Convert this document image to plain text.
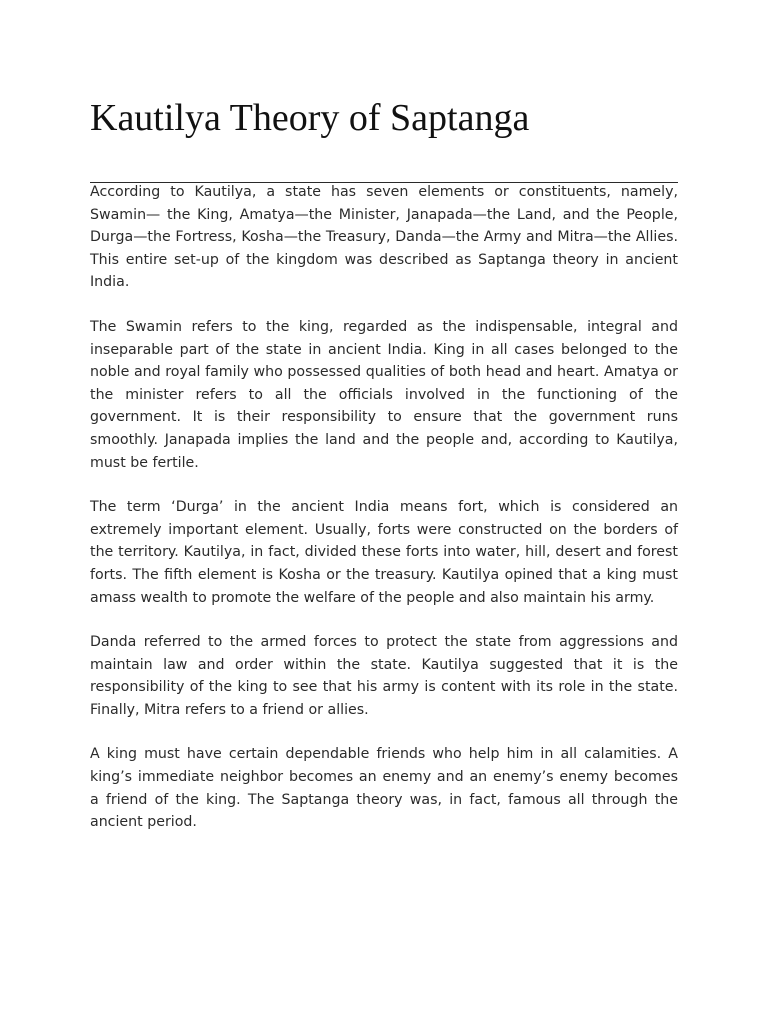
Kautilya Theory of Saptanga

According to Kautilya, a state has seven elements or constituents, namely, Swamin— the King, Amatya—the Minister, Janapada—the Land, and the People, Durga—the Fortress, Kosha—the Treasury, Danda—the Army and Mitra—the Allies. This entire set-up of the kingdom was described as Saptanga theory in ancient India.

The Swamin refers to the king, regarded as the indispensable, integral and inseparable part of the state in ancient India. King in all cases belonged to the noble and royal family who possessed qualities of both head and heart. Amatya or the minister refers to all the officials involved in the functioning of the government. It is their responsibility to ensure that the government runs smoothly. Janapada implies the land and the people and, according to Kautilya, must be fertile.

The term ‘Durga’ in the ancient India means fort, which is considered an extremely important element. Usually, forts were constructed on the borders of the territory. Kautilya, in fact, divided these forts into water, hill, desert and forest forts. The fifth element is Kosha or the treasury. Kautilya opined that a king must amass wealth to promote the welfare of the people and also maintain his army.

Danda referred to the armed forces to protect the state from aggressions and maintain law and order within the state. Kautilya suggested that it is the responsibility of the king to see that his army is content with its role in the state. Finally, Mitra refers to a friend or allies.

A king must have certain dependable friends who help him in all calamities. A king’s immediate neighbor becomes an enemy and an enemy’s enemy becomes a friend of the king. The Saptanga theory was, in fact, famous all through the ancient period.
